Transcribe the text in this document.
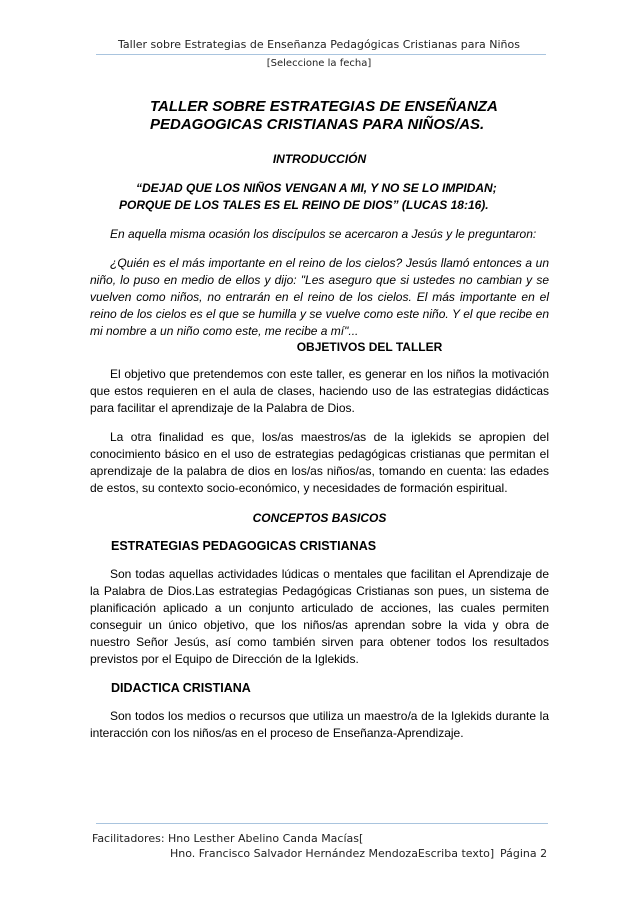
Taller sobre Estrategias de Enseñanza Pedagógicas Cristianas para Niños
[Seleccione la fecha]
TALLER SOBRE ESTRATEGIAS DE ENSEÑANZA
PEDAGOGICAS CRISTIANAS PARA NIÑOS/AS.
INTRODUCCIÓN
“DEJAD QUE LOS NIÑOS VENGAN A MI, Y NO SE LO IMPIDAN;
PORQUE DE LOS TALES ES EL REINO DE DIOS” (LUCAS 18:16).

En aquella misma ocasión los discípulos se acercaron a Jesús y le preguntaron:

¿Quién es el más importante en el reino de los cielos? Jesús llamó entonces a un niño, lo puso en medio de ellos y dijo: "Les aseguro que si ustedes no cambian y se vuelven como niños, no entrarán en el reino de los cielos. El más importante en el reino de los cielos es el que se humilla y se vuelve como este niño. Y el que recibe en mi nombre a un niño como este, me recibe a mí"...

OBJETIVOS DEL TALLER

El objetivo que pretendemos con este taller, es generar en los niños la motivación que estos requieren en el aula de clases, haciendo uso de las estrategias didácticas para facilitar el aprendizaje de la Palabra de Dios.

La otra finalidad es que, los/as maestros/as de la iglekids se apropien del conocimiento básico en el uso de estrategias pedagógicas cristianas que permitan el aprendizaje de la palabra de dios en los/as niños/as, tomando en cuenta: las edades de estos, su contexto socio-económico, y necesidades de formación espiritual.

CONCEPTOS BASICOS
ESTRATEGIAS PEDAGOGICAS CRISTIANAS

Son todas aquellas actividades lúdicas o mentales que facilitan el Aprendizaje de la Palabra de Dios.Las estrategias Pedagógicas Cristianas son pues, un sistema de planificación aplicado a un conjunto articulado de acciones, las cuales permiten conseguir un único objetivo, que los niños/as aprendan sobre la vida y obra de nuestro Señor Jesús, así como también sirven para obtener todos los resultados previstos por el Equipo de Dirección de la Iglekids.

DIDACTICA CRISTIANA

Son todos los medios o recursos que utiliza un maestro/a de la Iglekids durante la interacción con los niños/as en el proceso de Enseñanza-Aprendizaje.

Facilitadores: Hno Lesther Abelino Canda Macías[
Hno. Francisco Salvador Hernández MendozaEscriba texto] Página 2
